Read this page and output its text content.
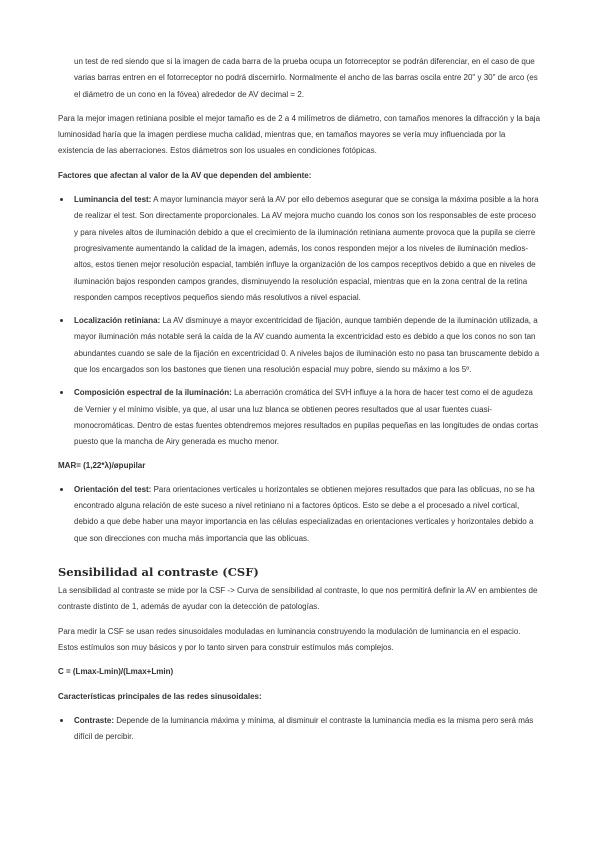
un test de red siendo que si la imagen de cada barra de la prueba ocupa un fotorreceptor se podrán diferenciar, en el caso de que varias barras entren en el fotorreceptor no podrá discernirlo. Normalmente el ancho de las barras oscila entre 20" y 30" de arco (es el diámetro de un cono en la fóvea) alrededor de AV decimal = 2.

Para la mejor imagen retiniana posible el mejor tamaño es de 2 a 4 milímetros de diámetro, con tamaños menores la difracción y la baja luminosidad haría que la imagen perdiese mucha calidad, mientras que, en tamaños mayores se vería muy influenciada por la existencia de las aberraciones. Estos diámetros son los usuales en condiciones fotópicas.

Factores que afectan al valor de la AV que dependen del ambiente:

Luminancia del test: A mayor luminancia mayor será la AV por ello debemos asegurar que se consiga la máxima posible a la hora de realizar el test. Son directamente proporcionales. La AV mejora mucho cuando los conos son los responsables de este proceso y para niveles altos de iluminación debido a que el crecimiento de la iluminación retiniana aumente provoca que la pupila se cierre progresivamente aumentando la calidad de la imagen, además, los conos responden mejor a los niveles de iluminación medios-altos, estos tienen mejor resolución espacial, también influye la organización de los campos receptivos debido a que en niveles de iluminación bajos responden campos grandes, disminuyendo la resolución espacial, mientras que en la zona central de la retina responden campos receptivos pequeños siendo más resolutivos a nivel espacial.
Localización retiniana: La AV disminuye a mayor excentricidad de fijación, aunque también depende de la iluminación utilizada, a mayor iluminación más notable será la caída de la AV cuando aumenta la excentricidad esto es debido a que los conos no son tan abundantes cuando se sale de la fijación en excentricidad 0. A niveles bajos de iluminación esto no pasa tan bruscamente debido a que los encargados son los bastones que tienen una resolución espacial muy pobre, siendo su máximo a los 5º.
Composición espectral de la iluminación: La aberración cromática del SVH influye a la hora de hacer test como el de agudeza de Vernier y el mínimo visible, ya que, al usar una luz blanca se obtienen peores resultados que al usar fuentes cuasi-monocromáticas. Dentro de estas fuentes obtendremos mejores resultados en pupilas pequeñas en las longitudes de ondas cortas puesto que la mancha de Airy generada es mucho menor.

MAR= (1,22*λ)/øpupilar

Orientación del test: Para orientaciones verticales u horizontales se obtienen mejores resultados que para las oblicuas, no se ha encontrado alguna relación de este suceso a nivel retiniano ni a factores ópticos. Esto se debe a el procesado a nivel cortical, debido a que debe haber una mayor importancia en las células especializadas en orientaciones verticales y horizontales debido a que son direcciones con mucha más importancia que las oblicuas.
Sensibilidad al contraste (CSF)

La sensibilidad al contraste se mide por la CSF -> Curva de sensibilidad al contraste, lo que nos permitirá definir la AV en ambientes de contraste distinto de 1, además de ayudar con la detección de patologías.

Para medir la CSF se usan redes sinusoidales moduladas en luminancia construyendo la modulación de luminancia en el espacio. Estos estímulos son muy básicos y por lo tanto sirven para construir estímulos más complejos.

C = (Lmax-Lmin)/(Lmax+Lmin)

Características principales de las redes sinusoidales:

Contraste: Depende de la luminancia máxima y mínima, al disminuir el contraste la luminancia media es la misma pero será más difícil de percibir.
